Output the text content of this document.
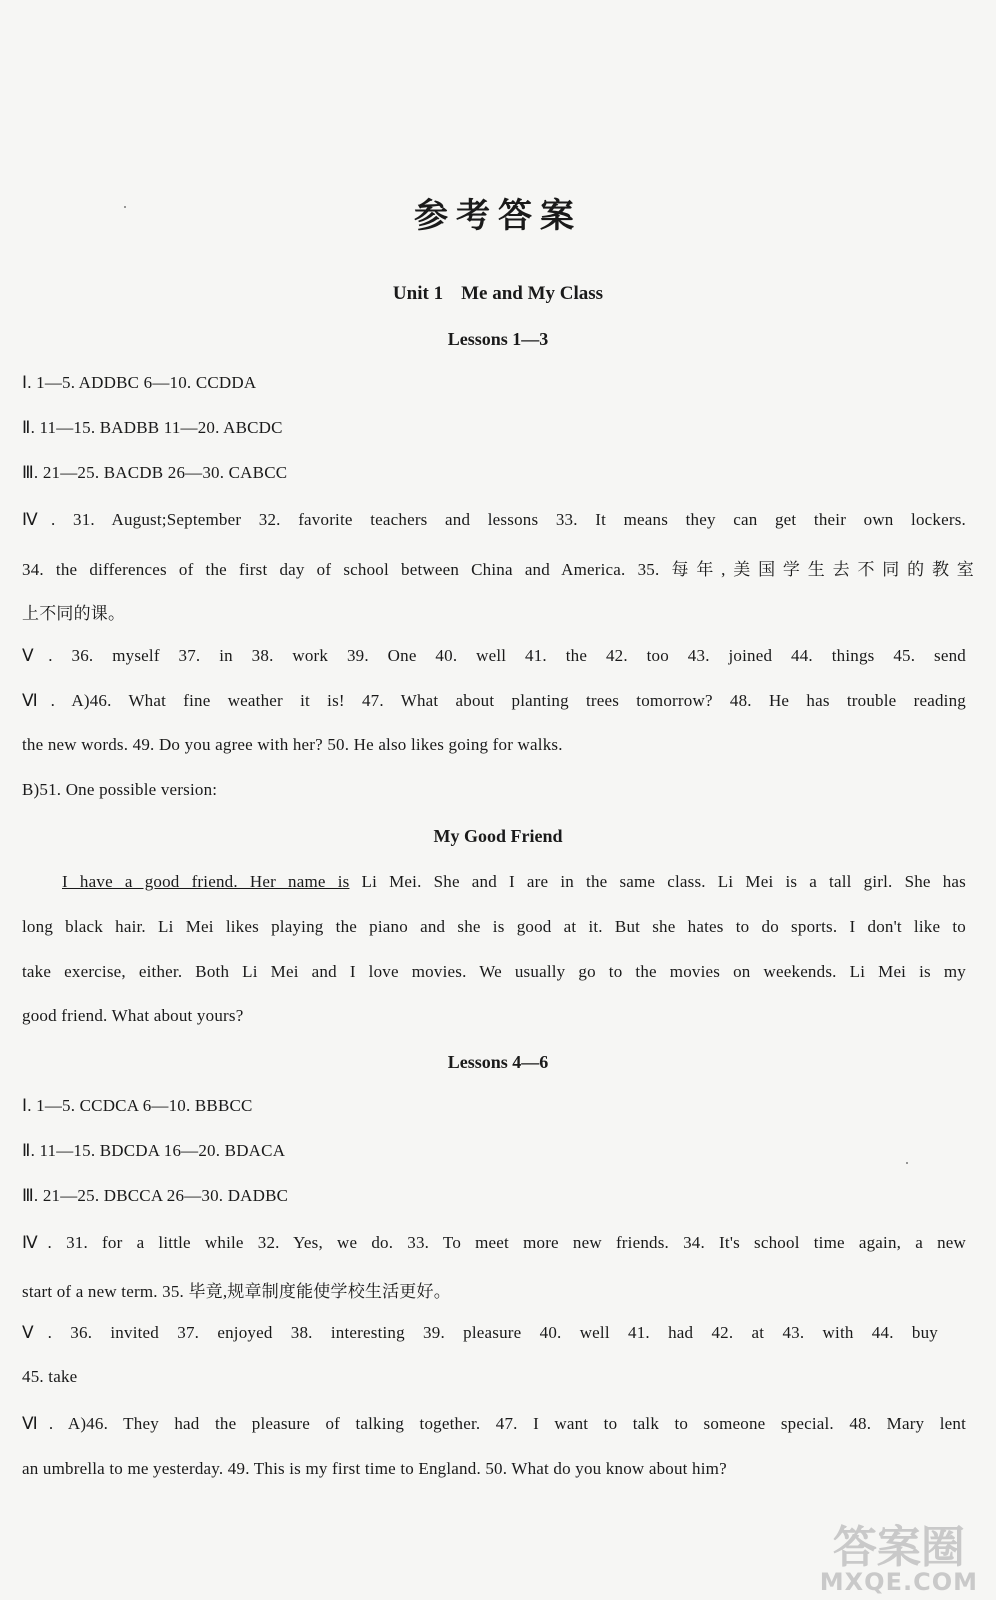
参考答案
Unit 1 Me and My Class
Lessons 1—3
Ⅰ. 1—5. ADDBC 6—10. CCDDA
Ⅱ. 11—15. BADBB 11—20. ABCDC
Ⅲ. 21—25. BACDB 26—30. CABCC
Ⅳ. 31. August;September 32. favorite teachers and lessons 33. It means they can get their own lockers.
34. the differences of the first day of school between China and America. 35. 每年,美国学生去不同的教室
上不同的课。
Ⅴ. 36. myself 37. in 38. work 39. One 40. well 41. the 42. too 43. joined 44. things 45. send
Ⅵ. A)46. What fine weather it is! 47. What about planting trees tomorrow? 48. He has trouble reading
the new words. 49. Do you agree with her? 50. He also likes going for walks.
B)51. One possible version:
My Good Friend
I have a good friend. Her name is Li Mei. She and I are in the same class. Li Mei is a tall girl. She has
long black hair. Li Mei likes playing the piano and she is good at it. But she hates to do sports. I don't like to
take exercise, either. Both Li Mei and I love movies. We usually go to the movies on weekends. Li Mei is my
good friend. What about yours?
Lessons 4—6
Ⅰ. 1—5. CCDCA 6—10. BBBCC
Ⅱ. 11—15. BDCDA 16—20. BDACA
Ⅲ. 21—25. DBCCA 26—30. DADBC
Ⅳ. 31. for a little while 32. Yes, we do. 33. To meet more new friends. 34. It's school time again, a new
start of a new term. 35. 毕竟,规章制度能使学校生活更好。
Ⅴ. 36. invited 37. enjoyed 38. interesting 39. pleasure 40. well 41. had 42. at 43. with 44. buy
45. take
Ⅵ. A)46. They had the pleasure of talking together. 47. I want to talk to someone special. 48. Mary lent
an umbrella to me yesterday. 49. This is my first time to England. 50. What do you know about him?
答案圈
MXQE.COM
